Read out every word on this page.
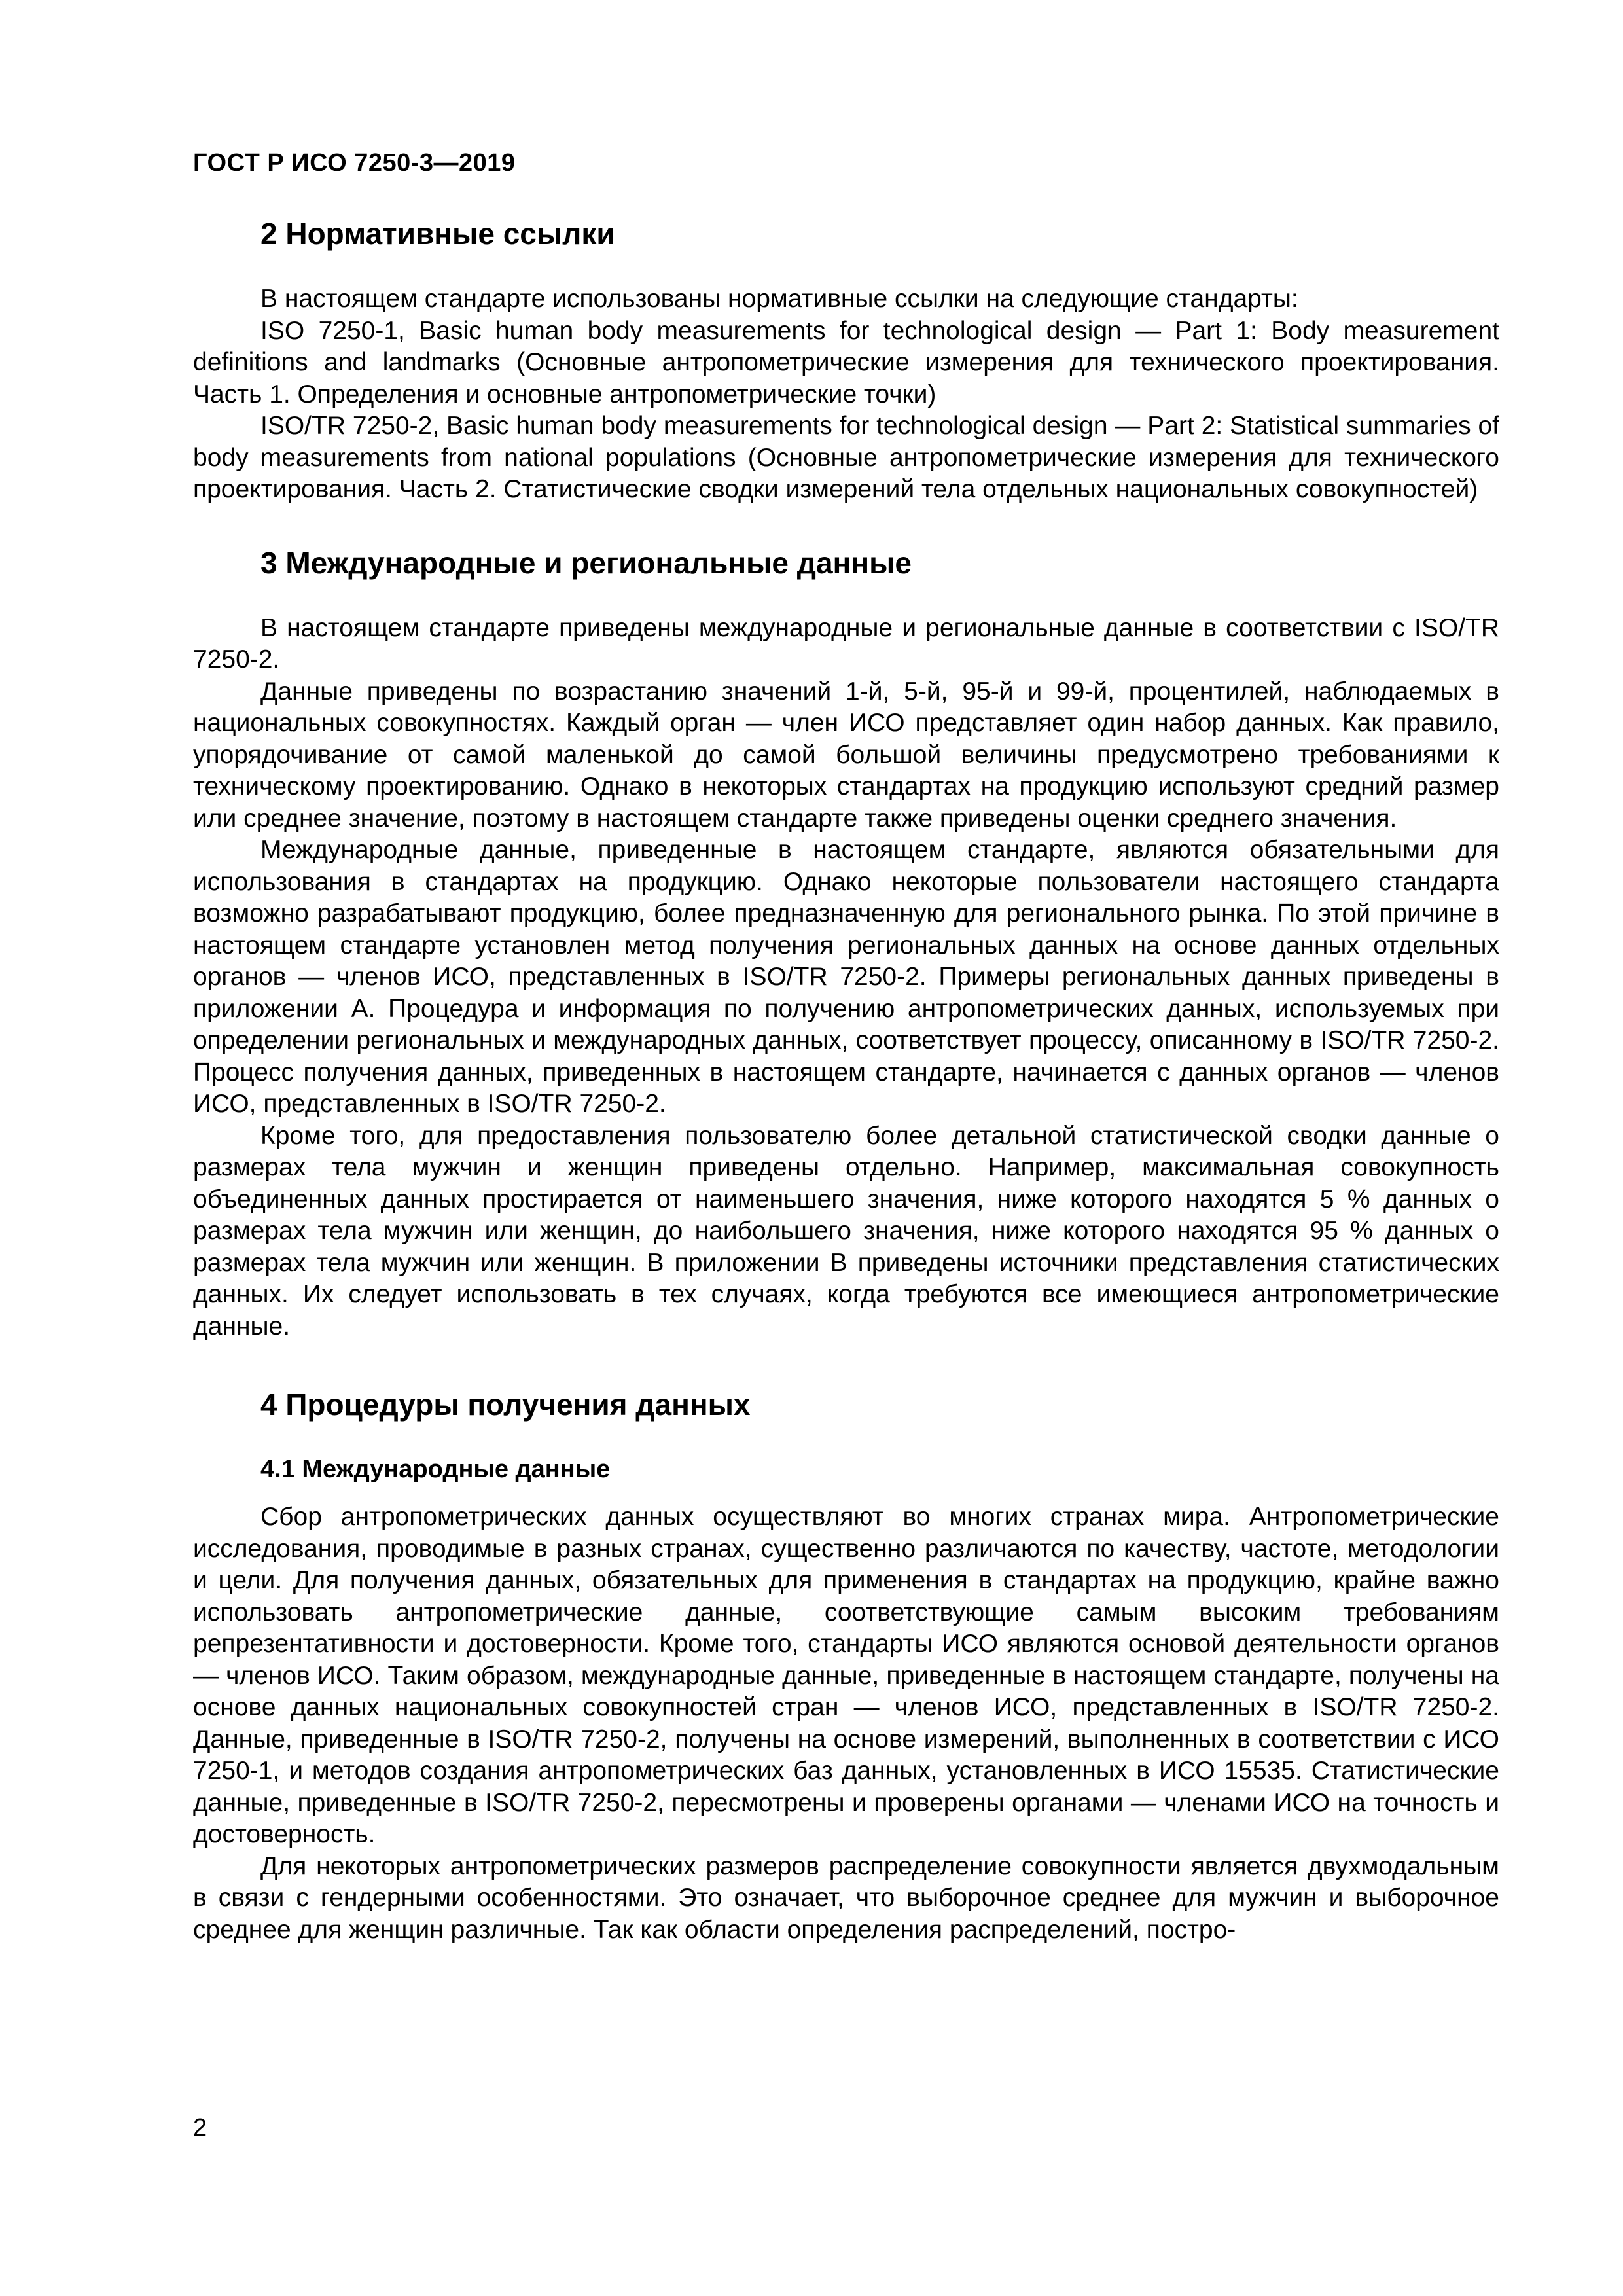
ГОСТ Р ИСО 7250-3—2019

2 Нормативные ссылки

В настоящем стандарте использованы нормативные ссылки на следующие стандарты:

ISO 7250-1, Basic human body measurements for technological design — Part 1: Body measurement definitions and landmarks (Основные антропометрические измерения для технического проектирования. Часть 1. Определения и основные антропометрические точки)

ISO/TR 7250-2, Basic human body measurements for technological design — Part 2: Statistical summaries of body measurements from national populations (Основные антропометрические измерения для технического проектирования. Часть 2. Статистические сводки измерений тела отдельных национальных совокупностей)

3 Международные и региональные данные

В настоящем стандарте приведены международные и региональные данные в соответствии с ISO/TR 7250-2.

Данные приведены по возрастанию значений 1-й, 5-й, 95-й и 99-й, процентилей, наблюдаемых в национальных совокупностях. Каждый орган — член ИСО представляет один набор данных. Как правило, упорядочивание от самой маленькой до самой большой величины предусмотрено требованиями к техническому проектированию. Однако в некоторых стандартах на продукцию используют средний размер или среднее значение, поэтому в настоящем стандарте также приведены оценки среднего значения.

Международные данные, приведенные в настоящем стандарте, являются обязательными для использования в стандартах на продукцию. Однако некоторые пользователи настоящего стандарта возможно разрабатывают продукцию, более предназначенную для регионального рынка. По этой причине в настоящем стандарте установлен метод получения региональных данных на основе данных отдельных органов — членов ИСО, представленных в ISO/TR 7250-2. Примеры региональных данных приведены в приложении А. Процедура и информация по получению антропометрических данных, используемых при определении региональных и международных данных, соответствует процессу, описанному в ISO/TR 7250-2. Процесс получения данных, приведенных в настоящем стандарте, начинается с данных органов — членов ИСО, представленных в ISO/TR 7250-2.

Кроме того, для предоставления пользователю более детальной статистической сводки данные о размерах тела мужчин и женщин приведены отдельно. Например, максимальная совокупность объединенных данных простирается от наименьшего значения, ниже которого находятся 5 % данных о размерах тела мужчин или женщин, до наибольшего значения, ниже которого находятся 95 % данных о размерах тела мужчин или женщин. В приложении В приведены источники представления статистических данных. Их следует использовать в тех случаях, когда требуются все имеющиеся антропометрические данные.

4 Процедуры получения данных
4.1 Международные данные

Сбор антропометрических данных осуществляют во многих странах мира. Антропометрические исследования, проводимые в разных странах, существенно различаются по качеству, частоте, методологии и цели. Для получения данных, обязательных для применения в стандартах на продукцию, крайне важно использовать антропометрические данные, соответствующие самым высоким требованиям репрезентативности и достоверности. Кроме того, стандарты ИСО являются основой деятельности органов — членов ИСО. Таким образом, международные данные, приведенные в настоящем стандарте, получены на основе данных национальных совокупностей стран — членов ИСО, представленных в ISO/TR 7250-2. Данные, приведенные в ISO/TR 7250-2, получены на основе измерений, выполненных в соответствии с ИСО 7250-1, и методов создания антропометрических баз данных, установленных в ИСО 15535. Статистические данные, приведенные в ISO/TR 7250-2, пересмотрены и проверены органами — членами ИСО на точность и достоверность.

Для некоторых антропометрических размеров распределение совокупности является двухмодальным в связи с гендерными особенностями. Это означает, что выборочное среднее для мужчин и выборочное среднее для женщин различные. Так как области определения распределений, постро-

2
